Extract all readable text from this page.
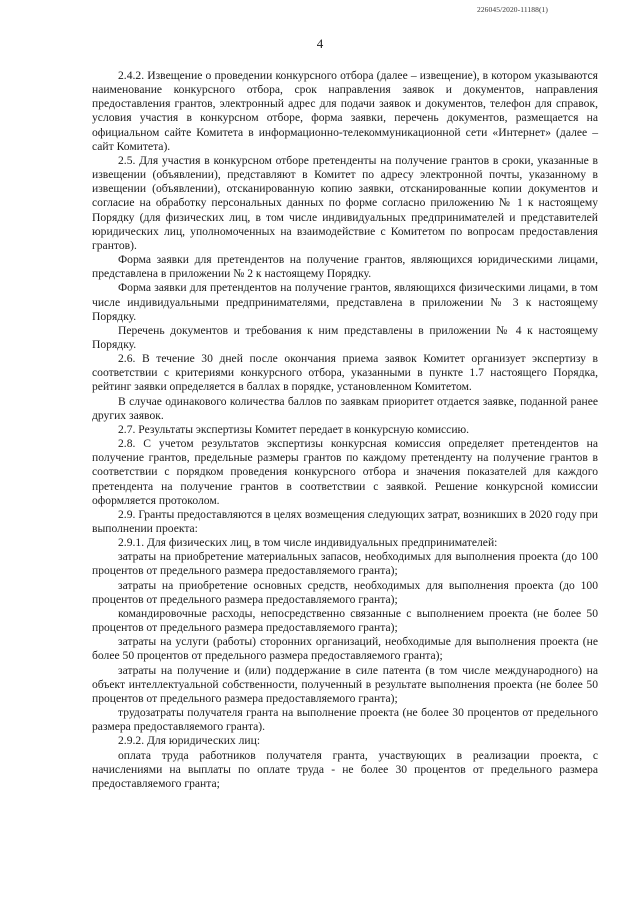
226045/2020-11188(1)
4

2.4.2. Извещение о проведении конкурсного отбора (далее – извещение), в котором указываются наименование конкурсного отбора, срок направления заявок и документов, направления предоставления грантов, электронный адрес для подачи заявок и документов, телефон для справок, условия участия в конкурсном отборе, форма заявки, перечень документов, размещается на официальном сайте Комитета в информационно-телекоммуникационной сети «Интернет» (далее – сайт Комитета).

2.5. Для участия в конкурсном отборе претенденты на получение грантов в сроки, указанные в извещении (объявлении), представляют в Комитет по адресу электронной почты, указанному в извещении (объявлении), отсканированную копию заявки, отсканированные копии документов и согласие на обработку персональных данных по форме согласно приложению № 1 к настоящему Порядку (для физических лиц, в том числе индивидуальных предпринимателей и представителей юридических лиц, уполномоченных на взаимодействие с Комитетом по вопросам предоставления грантов).

Форма заявки для претендентов на получение грантов, являющихся юридическими лицами, представлена в приложении № 2 к настоящему Порядку.

Форма заявки для претендентов на получение грантов, являющихся физическими лицами, в том числе индивидуальными предпринимателями, представлена в приложении № 3 к настоящему Порядку.

Перечень документов и требования к ним представлены в приложении № 4 к настоящему Порядку.

2.6. В течение 30 дней после окончания приема заявок Комитет организует экспертизу в соответствии с критериями конкурсного отбора, указанными в пункте 1.7 настоящего Порядка, рейтинг заявки определяется в баллах в порядке, установленном Комитетом.

В случае одинакового количества баллов по заявкам приоритет отдается заявке, поданной ранее других заявок.

2.7. Результаты экспертизы Комитет передает в конкурсную комиссию.

2.8. С учетом результатов экспертизы конкурсная комиссия определяет претендентов на получение грантов, предельные размеры грантов по каждому претенденту на получение грантов в соответствии с порядком проведения конкурсного отбора и значения показателей для каждого претендента на получение грантов в соответствии с заявкой. Решение конкурсной комиссии оформляется протоколом.

2.9. Гранты предоставляются в целях возмещения следующих затрат, возникших в 2020 году при выполнении проекта:

2.9.1. Для физических лиц, в том числе индивидуальных предпринимателей:

затраты на приобретение материальных запасов, необходимых для выполнения проекта (до 100 процентов от предельного размера предоставляемого гранта);

затраты на приобретение основных средств, необходимых для выполнения проекта (до 100 процентов от предельного размера предоставляемого гранта);

командировочные расходы, непосредственно связанные с выполнением проекта (не более 50 процентов от предельного размера предоставляемого гранта);

затраты на услуги (работы) сторонних организаций, необходимые для выполнения проекта (не более 50 процентов от предельного размера предоставляемого гранта);

затраты на получение и (или) поддержание в силе патента (в том числе международного) на объект интеллектуальной собственности, полученный в результате выполнения проекта (не более 50 процентов от предельного размера предоставляемого гранта);

трудозатраты получателя гранта на выполнение проекта (не более 30 процентов от предельного размера предоставляемого гранта).

2.9.2. Для юридических лиц:

оплата труда работников получателя гранта, участвующих в реализации проекта, с начислениями на выплаты по оплате труда - не более 30 процентов от предельного размера предоставляемого гранта;
